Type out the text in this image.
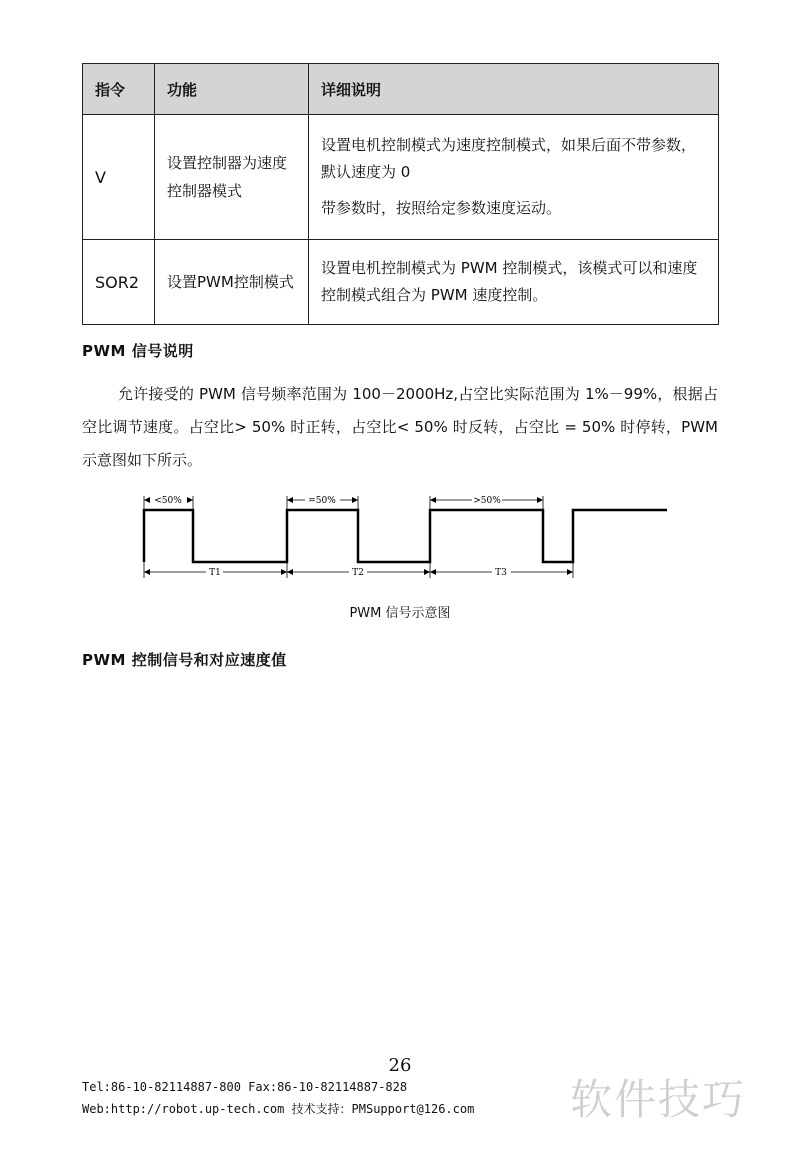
指令	功能	详细说明
V	设置控制器为速度控制器模式	设置电机控制模式为速度控制模式，如果后面不带参数，默认速度为 0

带参数时，按照给定参数速度运动。

SOR2	设置PWM控制模式	设置电机控制模式为 PWM 控制模式，该模式可以和速度控制模式组合为 PWM 速度控制。

PWM 信号说明

允许接受的 PWM 信号频率范围为 100－2000Hz,占空比实际范围为 1%－99%，根据占空比调节速度。占空比> 50% 时正转，占空比< 50% 时反转，占空比 = 50% 时停转，PWM 示意图如下所示。

<50%	=50%	>50%
T1	T2	T3
PWM 信号示意图
PWM 控制信号和对应速度值
26
Tel:86-10-82114887-800 Fax:86-10-82114887-828
Web:http://robot.up-tech.com 技术支持：PMSupport@126.com 软件技巧
